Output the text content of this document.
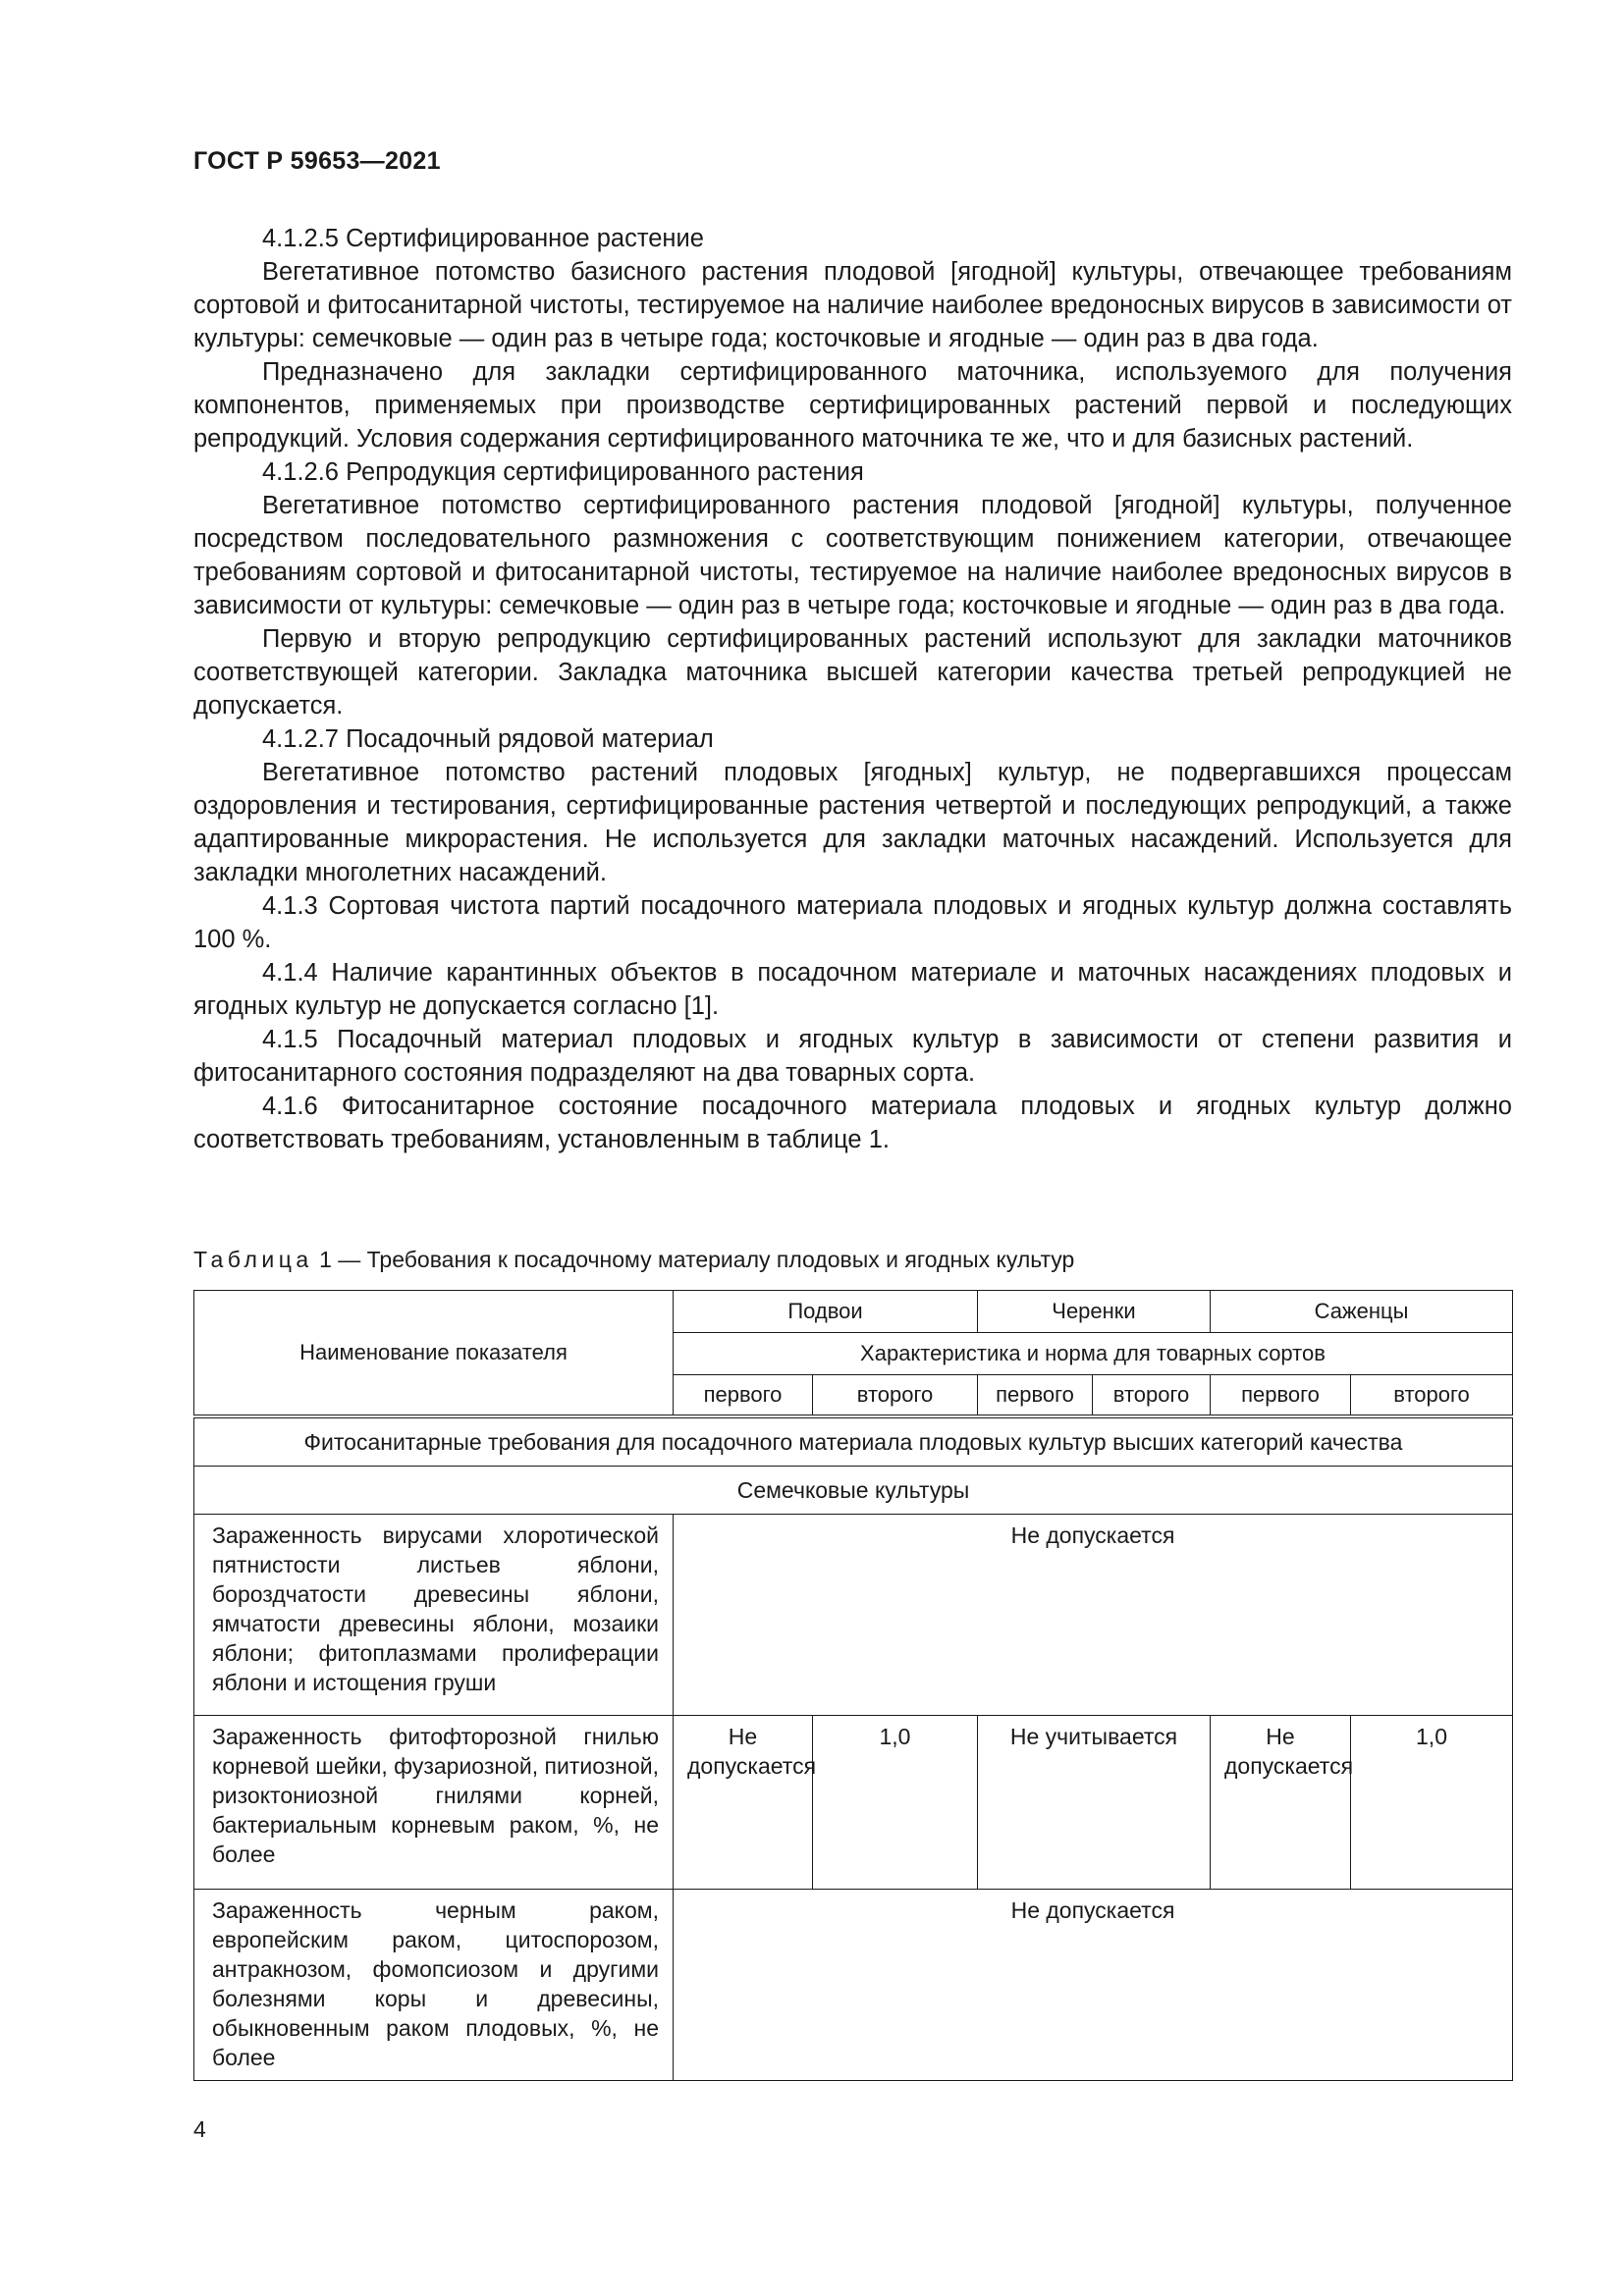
ГОСТ Р 59653—2021

4.1.2.5 Сертифицированное растение

Вегетативное потомство базисного растения плодовой [ягодной] культуры, отвечающее требованиям сортовой и фитосанитарной чистоты, тестируемое на наличие наиболее вредоносных вирусов в зависимости от культуры: семечковые — один раз в четыре года; косточковые и ягодные — один раз в два года.

Предназначено для закладки сертифицированного маточника, используемого для получения компонентов, применяемых при производстве сертифицированных растений первой и последующих репродукций. Условия содержания сертифицированного маточника те же, что и для базисных растений.

4.1.2.6 Репродукция сертифицированного растения

Вегетативное потомство сертифицированного растения плодовой [ягодной] культуры, полученное посредством последовательного размножения с соответствующим понижением категории, отвечающее требованиям сортовой и фитосанитарной чистоты, тестируемое на наличие наиболее вредоносных вирусов в зависимости от культуры: семечковые — один раз в четыре года; косточковые и ягодные — один раз в два года.

Первую и вторую репродукцию сертифицированных растений используют для закладки маточников соответствующей категории. Закладка маточника высшей категории качества третьей репродукцией не допускается.

4.1.2.7 Посадочный рядовой материал

Вегетативное потомство растений плодовых [ягодных] культур, не подвергавшихся процессам оздоровления и тестирования, сертифицированные растения четвертой и последующих репродукций, а также адаптированные микрорастения. Не используется для закладки маточных насаждений. Используется для закладки многолетних насаждений.

4.1.3 Сортовая чистота партий посадочного материала плодовых и ягодных культур должна составлять 100 %.

4.1.4 Наличие карантинных объектов в посадочном материале и маточных насаждениях плодовых и ягодных культур не допускается согласно [1].

4.1.5 Посадочный материал плодовых и ягодных культур в зависимости от степени развития и фитосанитарного состояния подразделяют на два товарных сорта.

4.1.6 Фитосанитарное состояние посадочного материала плодовых и ягодных культур должно соответствовать требованиям, установленным в таблице 1.

Таблица 1 — Требования к посадочному материалу плодовых и ягодных культур
Наименование показателя	Подвои		Черенки		Саженцы	
	Характеристика и норма для товарных сортов					
	первого	второго	первого	второго	первого	второго
Фитосанитарные требования для посадочного материала плодовых культур высших категорий качества						
Семечковые культуры						
Зараженность вирусами хлоротической пятнистости листьев яблони, бороздчатости древесины яблони, ямчатости древесины яблони, мозаики яблони; фитоплазмами пролиферации яблони и истощения груши	Не допускается					
Зараженность фитофторозной гнилью корневой шейки, фузариозной, питиозной, ризоктониозной гнилями корней, бактериальным корневым раком, %, не более	Не допускается	1,0	Не учитывается		Не допускается	1,0
Зараженность черным раком, европейским раком, цитоспорозом, антракнозом, фомопсиозом и другими болезнями коры и древесины, обыкновенным раком плодовых, %, не более	Не допускается					
4
